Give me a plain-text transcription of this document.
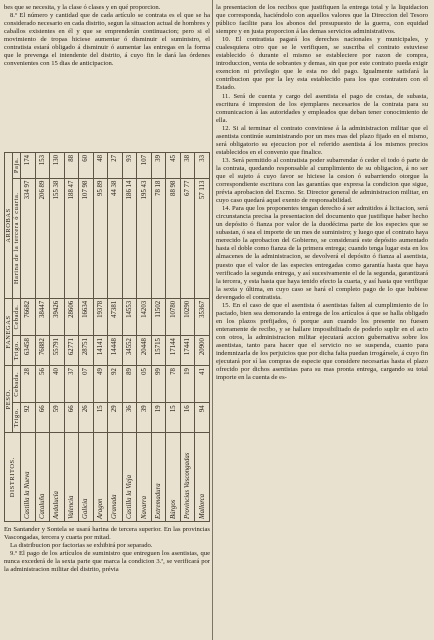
bes que se necesita, y la clase ó clases y en qué proporcion.

8.º El número y cantidad que de cada artículo se contrata es el que se ha considerado necesario en cada distrito, segun la situacion actual de hombres y caballos existentes en él y que se emprenderán continuacion; pero si el movimiento de tropas hiciese aumentar ó disminuir el suministro, el contratista estará obligado á disminuir ó aumentar las entregas en la forma que le prevenga el intendente del distrito, á cuyo fin le dará las órdenes convenientes con 15 dias de anticipacion.

DISTRITOS.	PESO.		FANEGAS		ARROBAS	
	Trigo.	Cebada.	Trigo.	Cebada.	Harina de la tercera ó cuarta.	Paja.
Castilla la Nueva	92	28	63458	76682	334 97	174
Cataluña	66	56	76882	38447	206 89	153
Andalucía	59	40	55791	39426	155 38	130
Valencia	66	37	62771	28606	188 47	88
Galicia	26	07	28751	16634	107 98	60
Aragon	15	49	14141	19378	95 89	48
Granada	29	92	14448	47381	44 38	27
Castilla la Vieja	36	89	34552	14553	186 14	93
Navarra	39	05	20448	14203	195 43	107
Extremadura	19	99	15715	11502	78 18	39
Búrgos	15	78	17144	10780	88 98	45
Provincias Vascongadas	16	19	17441	10290	67 77	38
Mallorca	94	41	20900	35367	57 113	33

En Santander y Sontela se usará harina de tercera superior. En las provincias Vascongadas, tercera y cuarta por mitad.

La distribucion por factorias se exhibirá por separado.

9.º El pago de los artículos de suministro que entreguen los asentistas, que nunca excederá de la sexta parte que marca la condicion 3.ª, se verificará por la administracion militar del distrito, prévia

la presentacion de los recibos que justifiquen la entrega total y la liquidacion que corresponda, haciéndolo con aquellos valores que la Direccion del Tesoro público facilite para los abonos del presupuesto de la guerra, con equidad siempre y en justa proporcion á las demas servicios administrativos.

10. El contratista pagará los derechos nacionales y municipales, y cualesquiera otro que se le verifiquen, se suscriba el contrato estuviese establecido ó durante el mismo se estableciere por razon de compra, introduccion, venta de sobrantes y demas, sin que por este contrato pueda exigir exencion ni privilegio que le esta no del pago. Igualmente satisfará la contribucion que por la ley esta establecido para los que contraten con el Estado.

11. Será de cuenta y cargo del asentista el pago de costas, de subasta, escritura é impresion de los ejemplares necesarios de la contrata para su comunicacion á las autoridades y empleados que deban tener conocimiento de ella.

12. Si al terminar el contrato conviniese á la administracion militar que el asentista continúe suministrando por un mes mas del plazo fijado en el mismo, será obligatorio su ejecucion por el referido asentista á los mismos precios establecidos en el convenio que finalice.

13. Será permitido al contratista poder subarrendar ó ceder el todo ó parte de la contrata, quedando responsable al cumplimiento de su obligacion, á no ser que el sujeto á cuyo favor se hiciese la cesion ó subarriendo otorgue la correspondiente escritura con las garantías que expresa la condicion que sigue, prévia aprobacion del Excmo. Sr. Director general de administracion militar, en cuyo caso quedará aquel exento de responsabilidad.

14. Para que los proponentes tengan derecho á ser admitidos á licitacion, será circunstancia precisa la presentacion del documento que justifique haber hecho un depósito ó fianza por valor de la duodécima parte de los especies que se subastan, ó sea el importe de un mes de suministro; y luego que el contrato haya merecido la aprobacion del Gobierno, se considerará este depósito aumentado hasta el doble como fianza de la primera entrega; cuando tenga lugar esta en los almacenes de la administracion, se devolverá el depósito ó fianza al asentista, puesto que el valor de las especies entregadas como garantía hasta que haya verificado la segunda entrega, y así sucesivamente el de la segunda, garantizará la tercera, y esta hasta que haya tenido efecto la cuarta, y así hasta que verifique la sexta y última, en cuyo caso se hará el completo pago de lo que hubiese devengado el contratista.

15. En el caso de que el asentista ó asentistas falten al cumplimiento de lo pactado, bien sea demorando la entrega de los artículos á que se halla obligado en los plazos prefijados, ó porque aun cuando los presente no fuesen enteramente de recibo, y se hallare imposibilitado de poderlo suplir en el acto con otros, la administracion militar ejecutará accion gubernativa sobre los asentistas, tanto para hacer que el servicio no se suspenda, cuanto para indemnizarla de los perjuicios que por dicha falta puedan irrogársele, á cuyo fin ejecutará por sí las compras de especie que considere necesarias hasta el plazo ofrecido por dichos asentistas para su mas pronta entrega, cargando su total importe en la cuenta de es-
